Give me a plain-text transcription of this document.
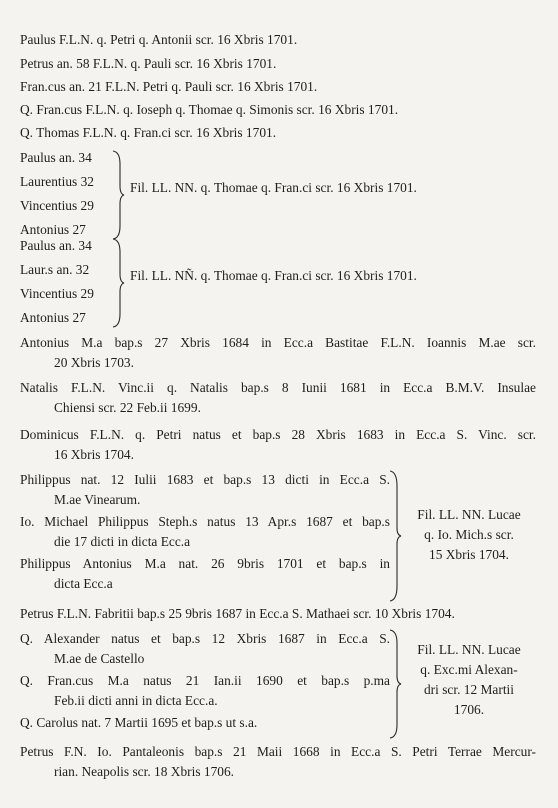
Paulus F.L.N. q. Petri q. Antonii scr. 16 Xbris 1701.
Petrus an. 58 F.L.N. q. Pauli scr. 16 Xbris 1701.
Fran.cus an. 21 F.L.N. Petri q. Pauli scr. 16 Xbris 1701.
Q. Fran.cus F.L.N. q. Ioseph q. Thomae q. Simonis scr. 16 Xbris 1701.
Q. Thomas F.L.N. q. Fran.ci scr. 16 Xbris 1701.
Paulus an. 34
Laurentius 32
Vincentius 29
Antonius 27
Fil. LL. NN. q. Thomae q. Fran.ci scr. 16 Xbris 1701.
Paulus an. 34
Laur.s an. 32
Vincentius 29
Antonius 27
Fil. LL. NÑ. q. Thomae q. Fran.ci scr. 16 Xbris 1701.
Antonius M.a bap.s 27 Xbris 1684 in Ecc.a Bastitae F.L.N. Ioannis M.ae scr.
20 Xbris 1703.
Natalis F.L.N. Vinc.ii q. Natalis bap.s 8 Iunii 1681 in Ecc.a B.M.V. Insulae
Chiensi scr. 22 Feb.ii 1699.
Dominicus F.L.N. q. Petri natus et bap.s 28 Xbris 1683 in Ecc.a S. Vinc. scr.
16 Xbris 1704.
Philippus nat. 12 Iulii 1683 et bap.s 13 dicti in Ecc.a S.
M.ae Vinearum.
Io. Michael Philippus Steph.s natus 13 Apr.s 1687 et bap.s
die 17 dicti in dicta Ecc.a
Philippus Antonius M.a nat. 26 9bris 1701 et bap.s in
dicta Ecc.a
Fil. LL. NN. Lucae
q. Io. Mich.s scr.
15 Xbris 1704.
Petrus F.L.N. Fabritii bap.s 25 9bris 1687 in Ecc.a S. Mathaei scr. 10 Xbris 1704.
Q. Alexander natus et bap.s 12 Xbris 1687 in Ecc.a S.
M.ae de Castello
Q. Fran.cus M.a natus 21 Ian.ii 1690 et bap.s p.ma
Feb.ii dicti anni in dicta Ecc.a.
Q. Carolus nat. 7 Martii 1695 et bap.s ut s.a.
Fil. LL. NN. Lucae
q. Exc.mi Alexan-
dri scr. 12 Martii
1706.
Petrus F.N. Io. Pantaleonis bap.s 21 Maii 1668 in Ecc.a S. Petri Terrae Mercur-
rian. Neapolis scr. 18 Xbris 1706.
